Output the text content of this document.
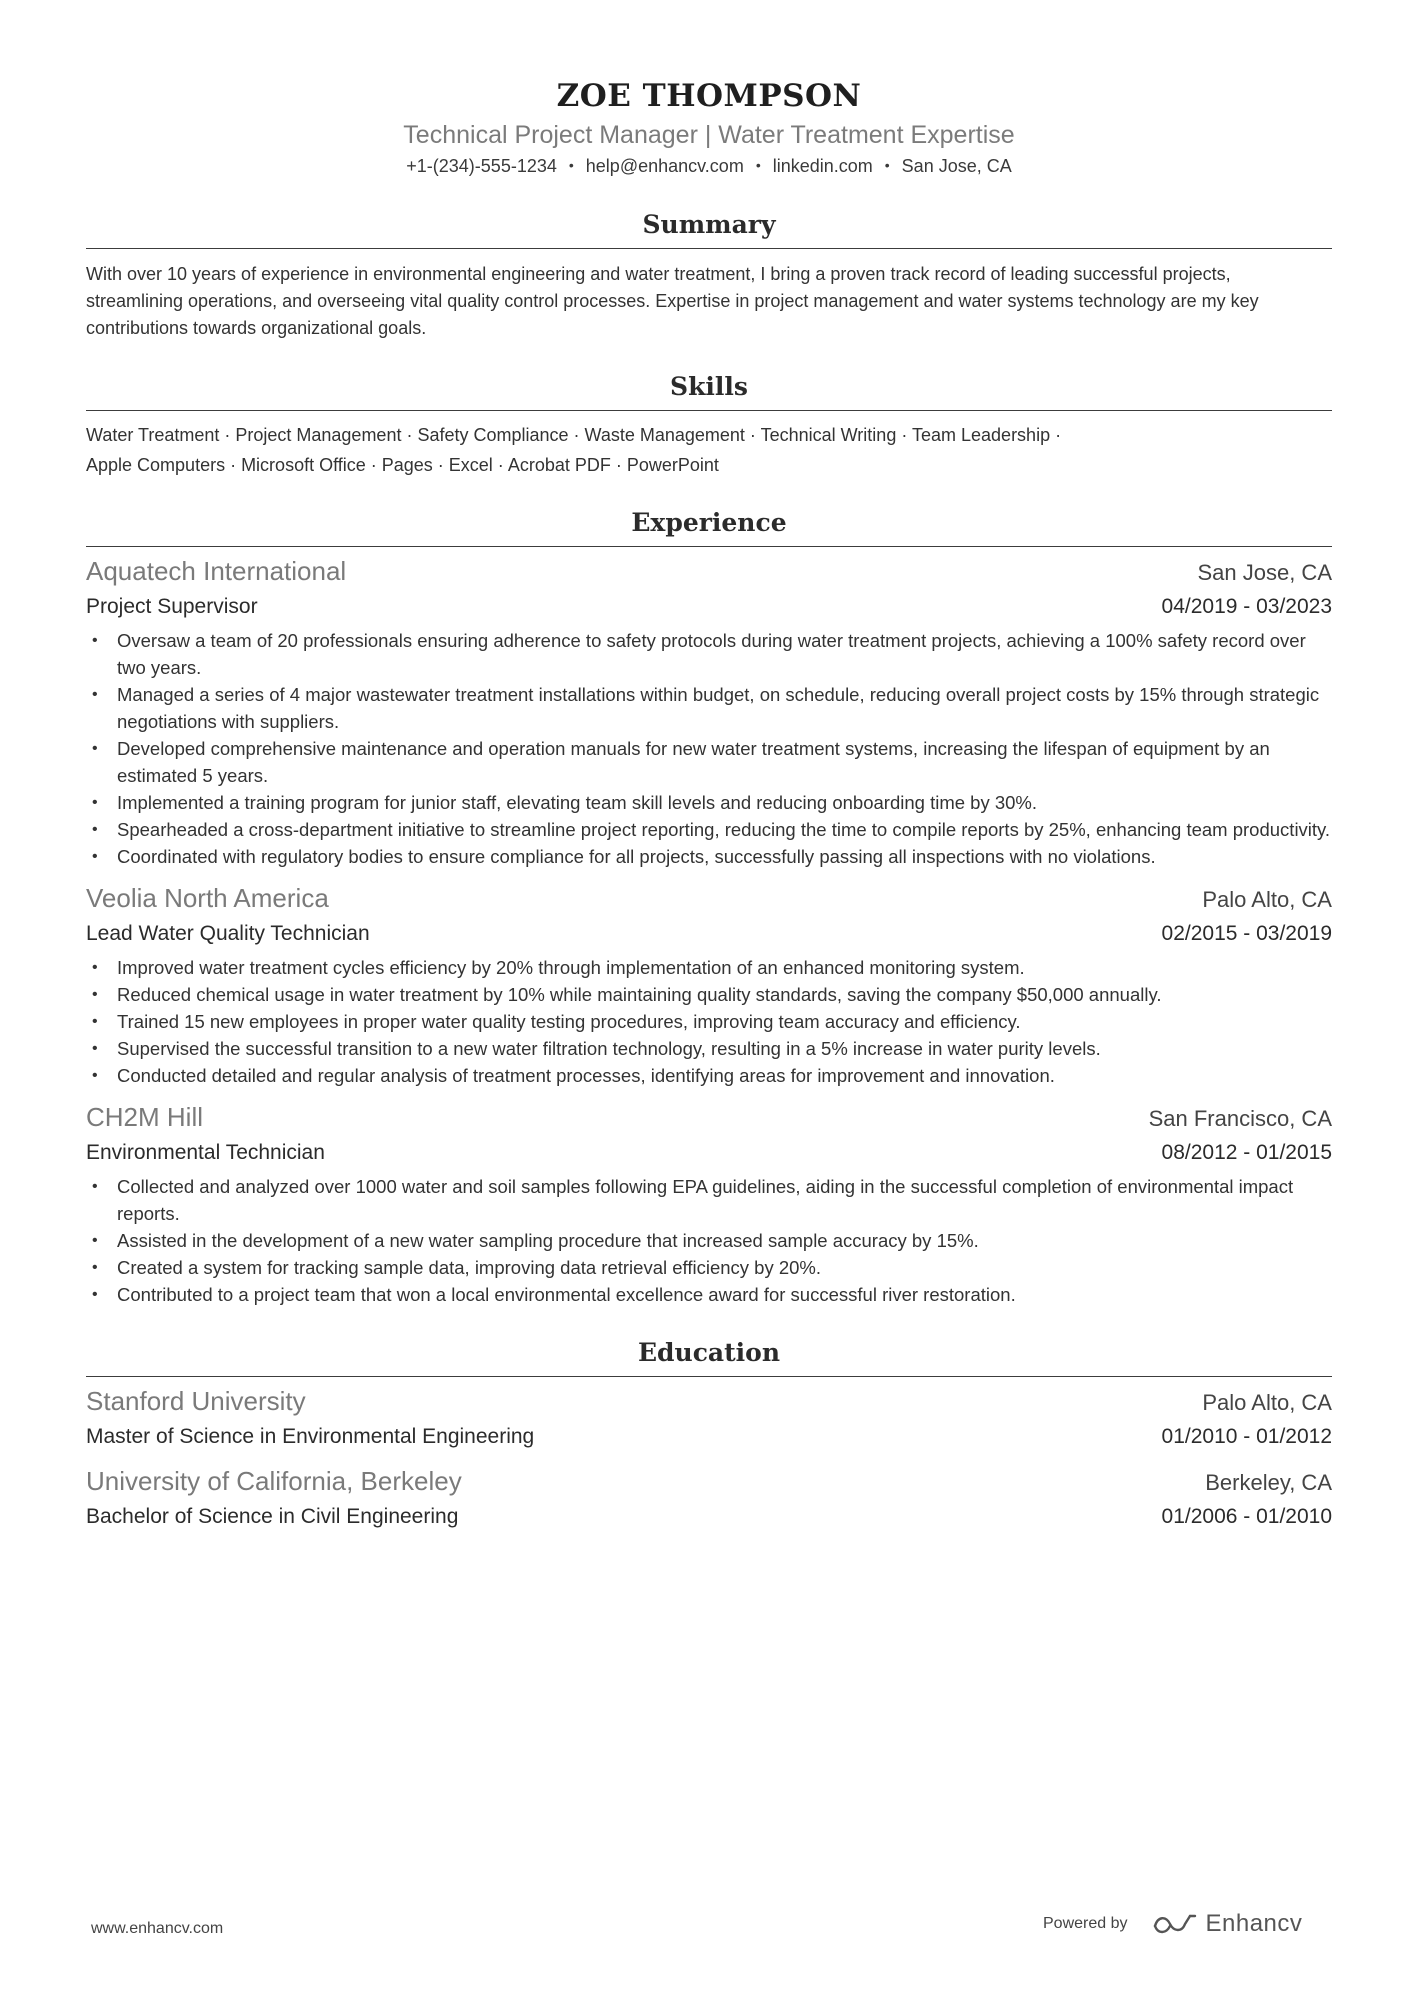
ZOE THOMPSON
Technical Project Manager | Water Treatment Expertise
+1-(234)-555-1234 • help@enhancv.com • linkedin.com • San Jose, CA
Summary
With over 10 years of experience in environmental engineering and water treatment, I bring a proven track record of leading successful projects, streamlining operations, and overseeing vital quality control processes. Expertise in project management and water systems technology are my key contributions towards organizational goals.
Skills
Water Treatment · Project Management · Safety Compliance · Waste Management · Technical Writing · Team Leadership ·
Apple Computers · Microsoft Office · Pages · Excel · Acrobat PDF · PowerPoint
Experience
Aquatech International	San Jose, CA
Project Supervisor	04/2019 - 03/2023
• Oversaw a team of 20 professionals ensuring adherence to safety protocols during water treatment projects, achieving a 100% safety record over two years.
• Managed a series of 4 major wastewater treatment installations within budget, on schedule, reducing overall project costs by 15% through strategic negotiations with suppliers.
• Developed comprehensive maintenance and operation manuals for new water treatment systems, increasing the lifespan of equipment by an estimated 5 years.
• Implemented a training program for junior staff, elevating team skill levels and reducing onboarding time by 30%.
• Spearheaded a cross-department initiative to streamline project reporting, reducing the time to compile reports by 25%, enhancing team productivity.
• Coordinated with regulatory bodies to ensure compliance for all projects, successfully passing all inspections with no violations.
Veolia North America	Palo Alto, CA
Lead Water Quality Technician	02/2015 - 03/2019
• Improved water treatment cycles efficiency by 20% through implementation of an enhanced monitoring system.
• Reduced chemical usage in water treatment by 10% while maintaining quality standards, saving the company $50,000 annually.
• Trained 15 new employees in proper water quality testing procedures, improving team accuracy and efficiency.
• Supervised the successful transition to a new water filtration technology, resulting in a 5% increase in water purity levels.
• Conducted detailed and regular analysis of treatment processes, identifying areas for improvement and innovation.
CH2M Hill	San Francisco, CA
Environmental Technician	08/2012 - 01/2015
• Collected and analyzed over 1000 water and soil samples following EPA guidelines, aiding in the successful completion of environmental impact reports.
• Assisted in the development of a new water sampling procedure that increased sample accuracy by 15%.
• Created a system for tracking sample data, improving data retrieval efficiency by 20%.
• Contributed to a project team that won a local environmental excellence award for successful river restoration.
Education
Stanford University	Palo Alto, CA
Master of Science in Environmental Engineering	01/2010 - 01/2012
University of California, Berkeley	Berkeley, CA
Bachelor of Science in Civil Engineering	01/2006 - 01/2010
www.enhancv.com	Powered by	Enhancv
